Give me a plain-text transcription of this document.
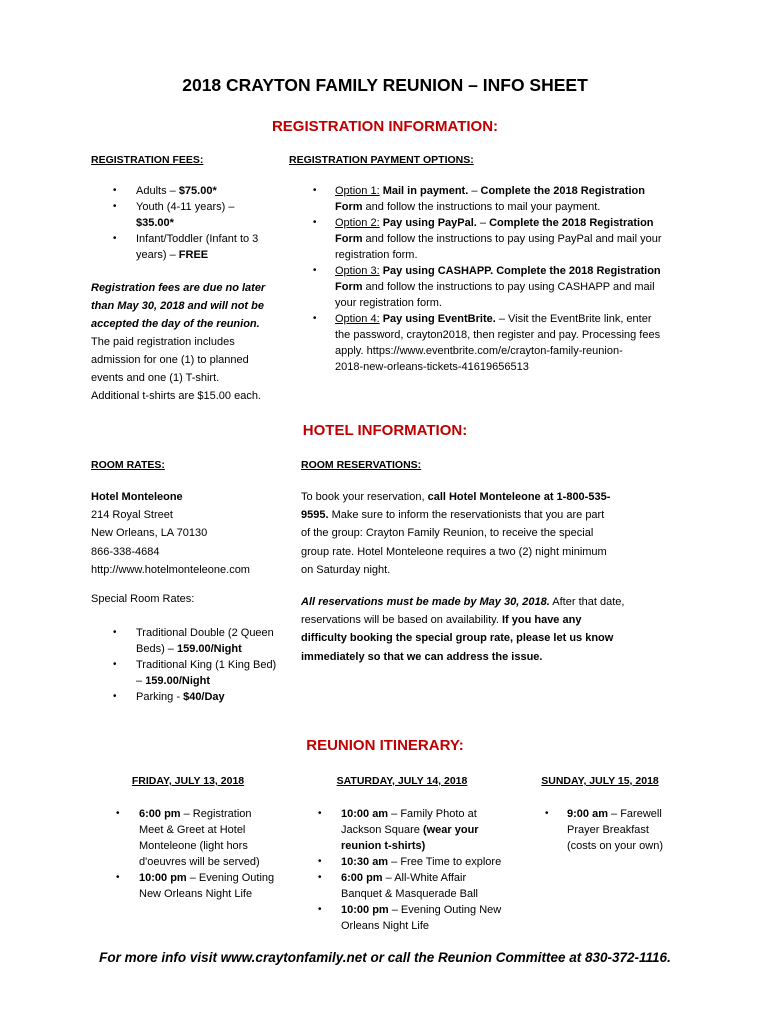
2018 CRAYTON FAMILY REUNION – INFO SHEET
REGISTRATION INFORMATION:
REGISTRATION FEES:	REGISTRATION PAYMENT OPTIONS:
• Adults – $75.00*
• Youth (4-11 years) –
$35.00*
• Infant/Toddler (Infant to 3
years) – FREE
Registration fees are due no later
than May 30, 2018 and will not be
accepted the day of the reunion.
The paid registration includes
admission for one (1) to planned
events and one (1) T-shirt.
Additional t-shirts are $15.00 each.
• Option 1: Mail in payment. – Complete the 2018 Registration
Form and follow the instructions to mail your payment.
• Option 2: Pay using PayPal. – Complete the 2018 Registration
Form and follow the instructions to pay using PayPal and mail your
registration form.
• Option 3: Pay using CASHAPP. Complete the 2018 Registration
Form and follow the instructions to pay using CASHAPP and mail
your registration form.
• Option 4: Pay using EventBrite. – Visit the EventBrite link, enter
the password, crayton2018, then register and pay. Processing fees
apply. https://www.eventbrite.com/e/crayton-family-reunion-
2018-new-orleans-tickets-41619656513
HOTEL INFORMATION:
ROOM RATES:	ROOM RESERVATIONS:
Hotel Monteleone
214 Royal Street
New Orleans, LA 70130
866-338-4684
http://www.hotelmonteleone.com
Special Room Rates:
• Traditional Double (2 Queen
Beds) – 159.00/Night
• Traditional King (1 King Bed)
– 159.00/Night
• Parking - $40/Day
To book your reservation, call Hotel Monteleone at 1-800-535-
9595. Make sure to inform the reservationists that you are part
of the group: Crayton Family Reunion, to receive the special
group rate. Hotel Monteleone requires a two (2) night minimum
on Saturday night.
All reservations must be made by May 30, 2018. After that date,
reservations will be based on availability. If you have any
difficulty booking the special group rate, please let us know
immediately so that we can address the issue.
REUNION ITINERARY:
FRIDAY, JULY 13, 2018	SATURDAY, JULY 14, 2018	SUNDAY, JULY 15, 2018
• 6:00 pm – Registration
Meet & Greet at Hotel
Monteleone (light hors
d'oeuvres will be served)
• 10:00 pm – Evening Outing
New Orleans Night Life
• 10:00 am – Family Photo at
Jackson Square (wear your
reunion t-shirts)
• 10:30 am – Free Time to explore
• 6:00 pm – All-White Affair
Banquet & Masquerade Ball
• 10:00 pm – Evening Outing New
Orleans Night Life
• 9:00 am – Farewell
Prayer Breakfast
(costs on your own)
For more info visit www.craytonfamily.net or call the Reunion Committee at 830-372-1116.
